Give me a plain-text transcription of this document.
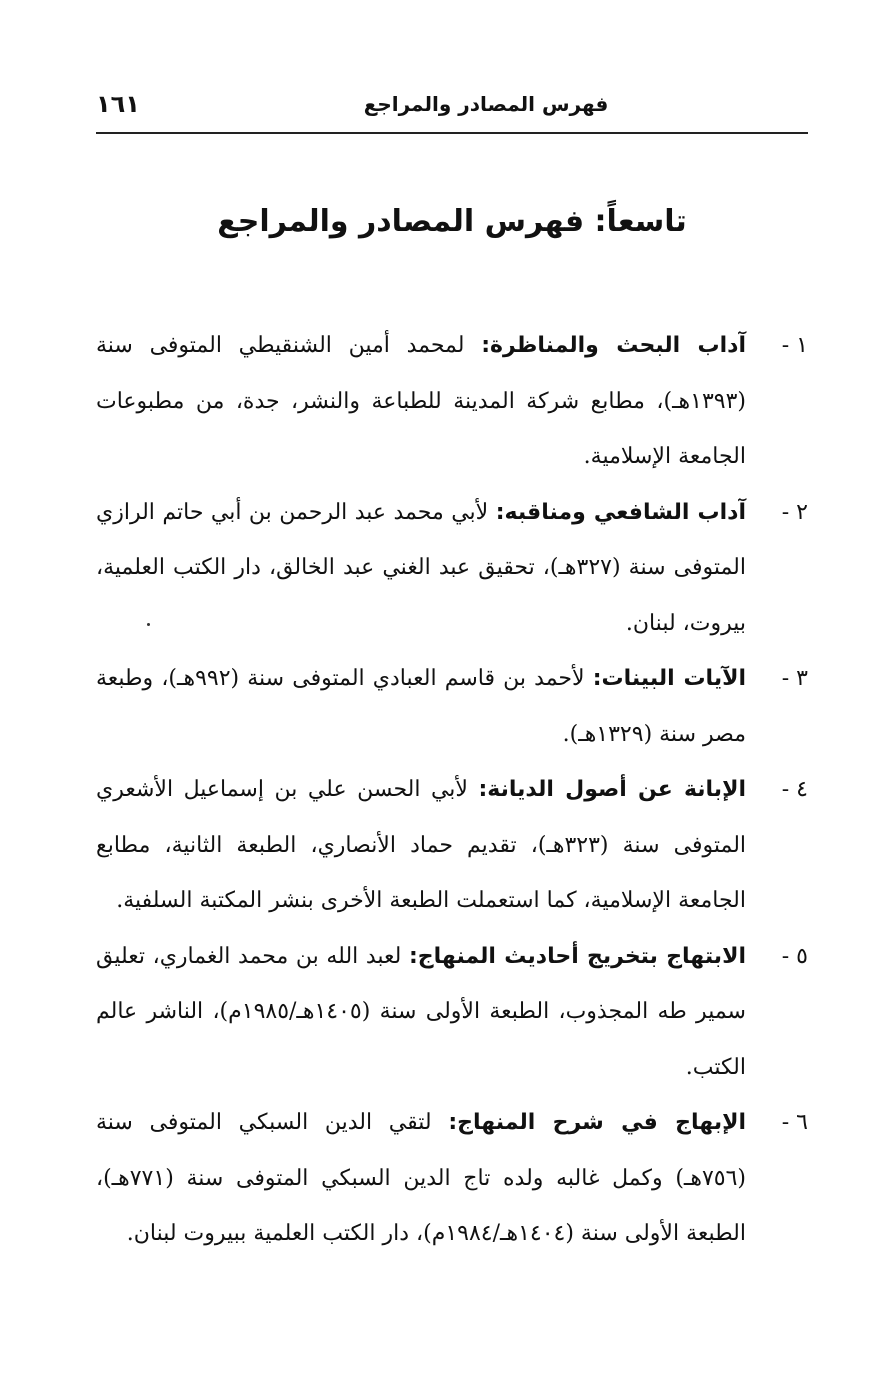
١٦١	فهرس المصادر والمراجع
تاسعاً: فهرس المصادر والمراجع
١ -
آداب البحث والمناظرة: لمحمد أمين الشنقيطي المتوفى سنة (١٣٩٣هـ)، مطابع شركة المدينة للطباعة والنشر، جدة، من مطبوعات الجامعة الإسلامية.
٢ -
آداب الشافعي ومناقبه: لأبي محمد عبد الرحمن بن أبي حاتم الرازي المتوفى سنة (٣٢٧هـ)، تحقيق عبد الغني عبد الخالق، دار الكتب العلمية، بيروت، لبنان.
٣ -
الآيات البينات: لأحمد بن قاسم العبادي المتوفى سنة (٩٩٢هـ)، وطبعة مصر سنة (١٣٢٩هـ).
٤ -
الإبانة عن أصول الديانة: لأبي الحسن علي بن إسماعيل الأشعري المتوفى سنة (٣٢٣هـ)، تقديم حماد الأنصاري، الطبعة الثانية، مطابع الجامعة الإسلامية، كما استعملت الطبعة الأخرى بنشر المكتبة السلفية.
٥ -
الابتهاج بتخريج أحاديث المنهاج: لعبد الله بن محمد الغماري، تعليق سمير طه المجذوب، الطبعة الأولى سنة (١٤٠٥هـ/١٩٨٥م)، الناشر عالم الكتب.
٦ -
الإبهاج في شرح المنهاج: لتقي الدين السبكي المتوفى سنة (٧٥٦هـ) وكمل غالبه ولده تاج الدين السبكي المتوفى سنة (٧٧١هـ)، الطبعة الأولى سنة (١٤٠٤هـ/١٩٨٤م)، دار الكتب العلمية ببيروت لبنان.
